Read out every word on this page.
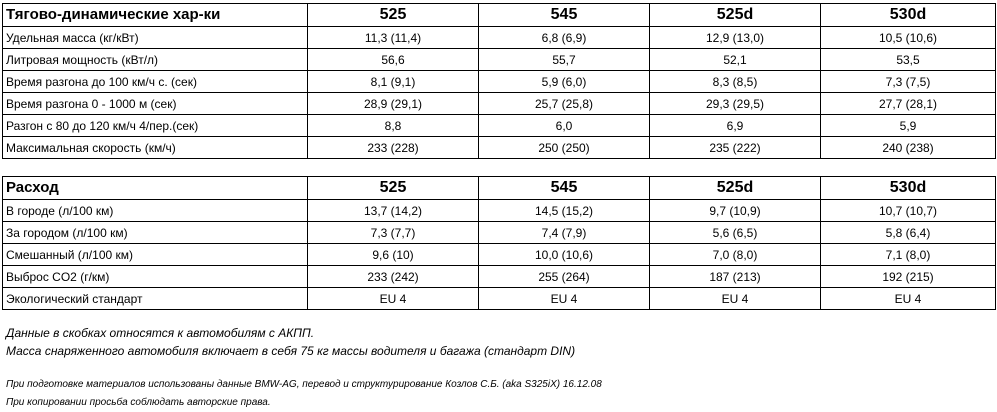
Тягово-динамические хар-ки	525	545	525d	530d
Удельная масса (кг/кВт)	11,3 (11,4)	6,8 (6,9)	12,9 (13,0)	10,5 (10,6)
Литровая мощность (кВт/л)	56,6	55,7	52,1	53,5
Время разгона до 100 км/ч с. (сек)	8,1 (9,1)	5,9 (6,0)	8,3 (8,5)	7,3 (7,5)
Время разгона 0 - 1000 м (сек)	28,9 (29,1)	25,7 (25,8)	29,3 (29,5)	27,7 (28,1)
Разгон с 80 до 120 км/ч 4/пер.(сек)	8,8	6,0	6,9	5,9
Максимальная скорость (км/ч)	233 (228)	250 (250)	235 (222)	240 (238)
Расход	525	545	525d	530d
В городе (л/100 км)	13,7 (14,2)	14,5 (15,2)	9,7 (10,9)	10,7 (10,7)
За городом (л/100 км)	7,3 (7,7)	7,4 (7,9)	5,6 (6,5)	5,8 (6,4)
Смешанный (л/100 км)	9,6 (10)	10,0 (10,6)	7,0 (8,0)	7,1 (8,0)
Выброс CO2 (г/км)	233 (242)	255 (264)	187 (213)	192 (215)
Экологический стандарт	EU 4	EU 4	EU 4	EU 4
Данные в скобках относятся к автомобилям с АКПП.
Масса снаряженного автомобиля включает в себя 75 кг массы водителя и багажа (стандарт DIN)
При подготовке материалов использованы данные BMW-AG, перевод и структурирование Козлов С.Б. (aka S325iX) 16.12.08
При копировании просьба соблюдать авторские права.
